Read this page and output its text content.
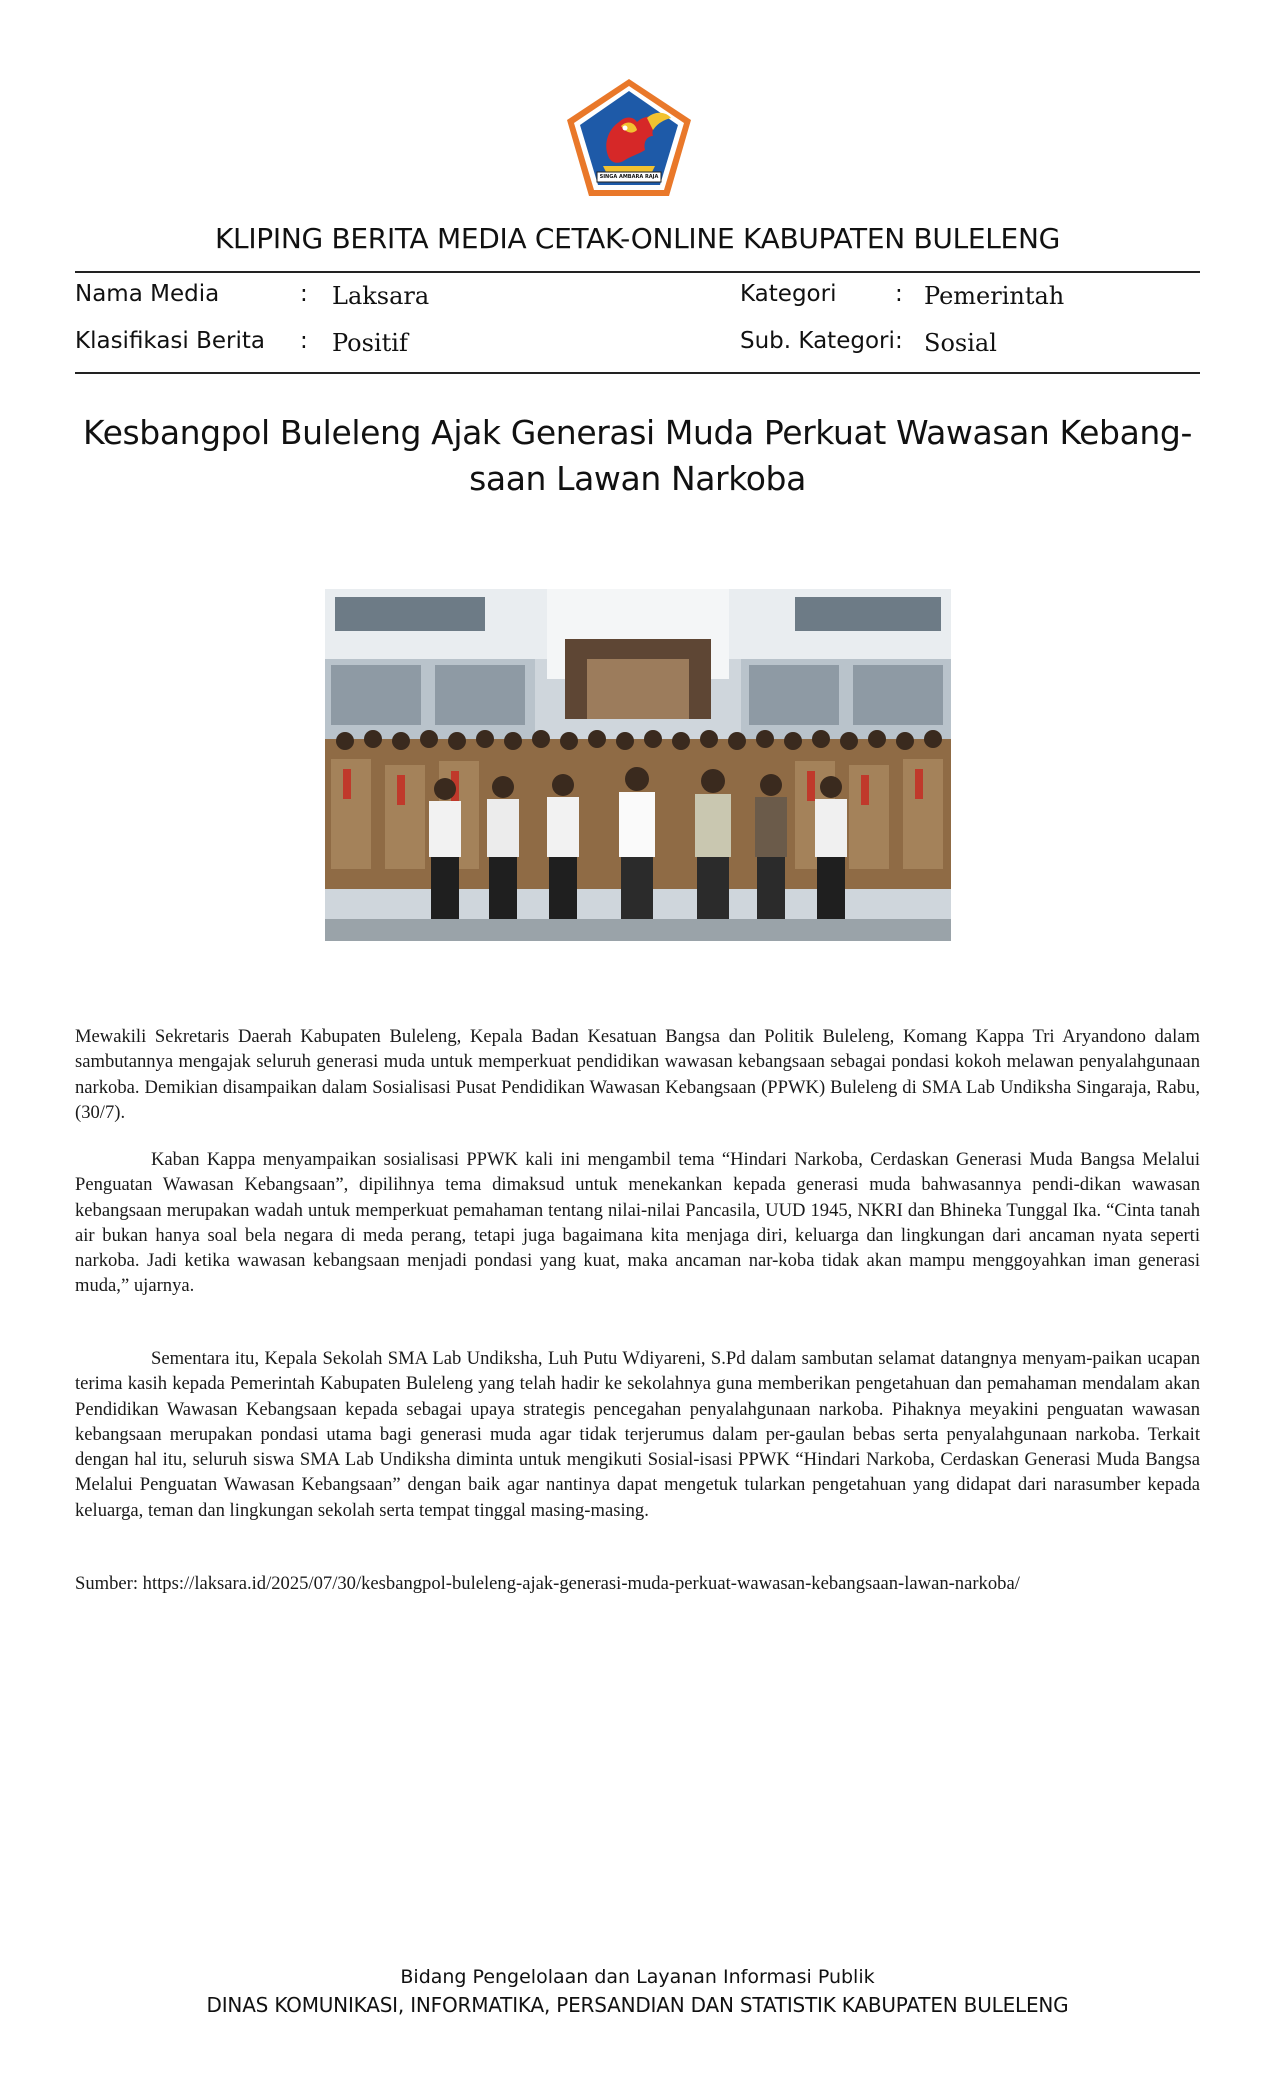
SINGA AMBARA RAJA
KLIPING BERITA MEDIA CETAK-ONLINE KABUPATEN BULELENG
Nama Media	: Laksara
Klasifikasi Berita : Positif
Kategori	: Pemerintah
Sub. Kategori : Sosial
Kesbangpol Buleleng Ajak Generasi Muda Perkuat Wawasan Kebang-
saan Lawan Narkoba

Mewakili Sekretaris Daerah Kabupaten Buleleng, Kepala Badan Kesatuan Bangsa dan Politik Buleleng, Komang Kappa Tri Aryandono dalam sambutannya mengajak seluruh generasi muda untuk memperkuat pendidikan wawasan kebangsaan sebagai pondasi kokoh melawan penyalahgunaan narkoba. Demikian disampaikan dalam Sosialisasi Pusat Pendidikan Wawasan Kebangsaan (PPWK) Buleleng di SMA Lab Undiksha Singaraja, Rabu, (30/7).

Kaban Kappa menyampaikan sosialisasi PPWK kali ini mengambil tema “Hindari Narkoba, Cerdaskan Generasi Muda Bangsa Melalui Penguatan Wawasan Kebangsaan”, dipilihnya tema dimaksud untuk menekankan kepada generasi muda bahwasannya pendi-dikan wawasan kebangsaan merupakan wadah untuk memperkuat pemahaman tentang nilai-nilai Pancasila, UUD 1945, NKRI dan Bhineka Tunggal Ika. “Cinta tanah air bukan hanya soal bela negara di meda perang, tetapi juga bagaimana kita menjaga diri, keluarga dan lingkungan dari ancaman nyata seperti narkoba. Jadi ketika wawasan kebangsaan menjadi pondasi yang kuat, maka ancaman nar-koba tidak akan mampu menggoyahkan iman generasi muda,” ujarnya.

Sementara itu, Kepala Sekolah SMA Lab Undiksha, Luh Putu Wdiyareni, S.Pd dalam sambutan selamat datangnya menyam-paikan ucapan terima kasih kepada Pemerintah Kabupaten Buleleng yang telah hadir ke sekolahnya guna memberikan pengetahuan dan pemahaman mendalam akan Pendidikan Wawasan Kebangsaan kepada sebagai upaya strategis pencegahan penyalahgunaan narkoba. Pihaknya meyakini penguatan wawasan kebangsaan merupakan pondasi utama bagi generasi muda agar tidak terjerumus dalam per-gaulan bebas serta penyalahgunaan narkoba. Terkait dengan hal itu, seluruh siswa SMA Lab Undiksha diminta untuk mengikuti Sosial-isasi PPWK “Hindari Narkoba, Cerdaskan Generasi Muda Bangsa Melalui Penguatan Wawasan Kebangsaan” dengan baik agar nantinya dapat mengetuk tularkan pengetahuan yang didapat dari narasumber kepada keluarga, teman dan lingkungan sekolah serta tempat tinggal masing-masing.

Sumber: https://laksara.id/2025/07/30/kesbangpol-buleleng-ajak-generasi-muda-perkuat-wawasan-kebangsaan-lawan-narkoba/
Bidang Pengelolaan dan Layanan Informasi Publik
DINAS KOMUNIKASI, INFORMATIKA, PERSANDIAN DAN STATISTIK KABUPATEN BULELENG
